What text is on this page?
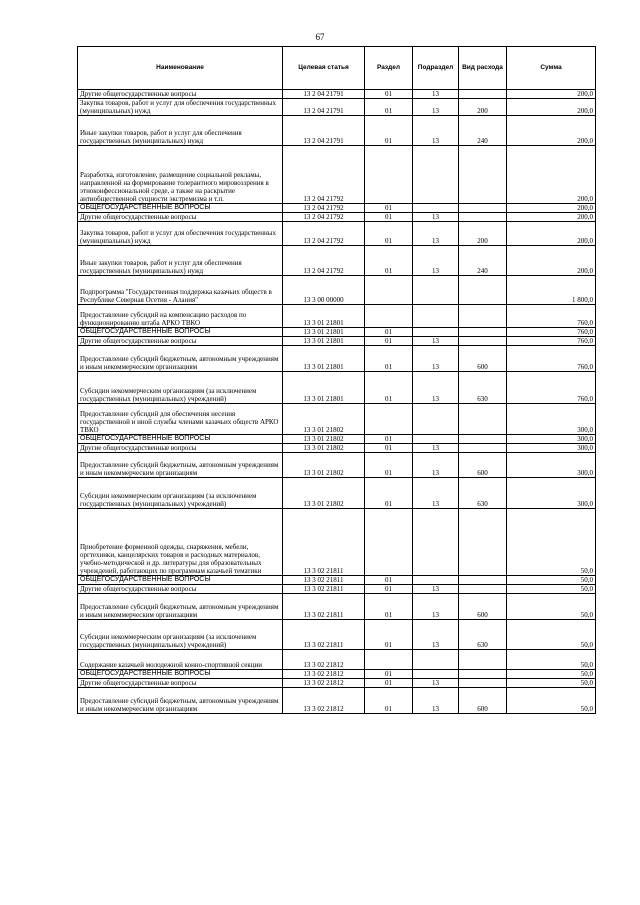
67
Наименование	Целевая статья	Раздел	Подраздел	Вид расхода	Сумма
Другие общегосударственные вопросы	13 2 04 21791	01	13		200,0
Закупка товаров, работ и услуг для обеспечения государственных (муниципальных) нужд	13 2 04 21791	01	13	200	200,0
Иные закупки товаров, работ и услуг для обеспечения государственных (муниципальных) нужд	13 2 04 21791	01	13	240	200,0
Разработка, изготовление, размещение социальной рекламы, направленной на формирование толерантного мировоззрения в этноконфессиональной среде, а также на раскрытие антиобщественной сущности экстремизма и т.п.	13 2 04 21792				200,0
ОБЩЕГОСУДАРСТВЕННЫЕ ВОПРОСЫ	13 2 04 21792	01			200,0
Другие общегосударственные вопросы	13 2 04 21792	01	13		200,0
Закупка товаров, работ и услуг для обеспечения государственных (муниципальных) нужд	13 2 04 21792	01	13	200	200,0
Иные закупки товаров, работ и услуг для обеспечения государственных (муниципальных) нужд	13 2 04 21792	01	13	240	200,0
Подпрограмма "Государственная поддержка казачьих обществ в Республике Северная Осетия - Алания"	13 3 00 00000				1 800,0
Предоставление субсидий на компенсацию расходов по функционированию штаба АРКО ТВКО	13 3 01 21801				760,0
ОБЩЕГОСУДАРСТВЕННЫЕ ВОПРОСЫ	13 3 01 21801	01			760,0
Другие общегосударственные вопросы	13 3 01 21801	01	13		760,0
Предоставление субсидий бюджетным, автономным учреждениям и иным некоммерческим организациям	13 3 01 21801	01	13	600	760,0
Субсидии некоммерческим организациям (за исключением государственных (муниципальных) учреждений)	13 3 01 21801	01	13	630	760,0
Предоставление субсидий для обеспечения несения государственной и иной службы членами казачьих обществ АРКО ТВКО	13 3 01 21802				300,0
ОБЩЕГОСУДАРСТВЕННЫЕ ВОПРОСЫ	13 3 01 21802	01			300,0
Другие общегосударственные вопросы	13 3 01 21802	01	13		300,0
Предоставление субсидий бюджетным, автономным учреждениям и иным некоммерческим организациям	13 3 01 21802	01	13	600	300,0
Субсидии некоммерческим организациям (за исключением государственных (муниципальных) учреждений)	13 3 01 21802	01	13	630	300,0
Приобретение форменной одежды, снаряжения, мебели, оргтехники, канцелярских товаров и расходных материалов, учебно-методической и др. литературы для образовательных учреждений, работающих по программам казачьей тематики	13 3 02 21811				50,0
ОБЩЕГОСУДАРСТВЕННЫЕ ВОПРОСЫ	13 3 02 21811	01			50,0
Другие общегосударственные вопросы	13 3 02 21811	01	13		50,0
Предоставление субсидий бюджетным, автономным учреждениям и иным некоммерческим организациям	13 3 02 21811	01	13	600	50,0
Субсидии некоммерческим организациям (за исключением государственных (муниципальных) учреждений)	13 3 02 21811	01	13	630	50,0
Содержание казачьей молодежной конно-спортивной секции	13 3 02 21812				50,0
ОБЩЕГОСУДАРСТВЕННЫЕ ВОПРОСЫ	13 3 02 21812	01			50,0
Другие общегосударственные вопросы	13 3 02 21812	01	13		50,0
Предоставление субсидий бюджетным, автономным учреждениям и иным некоммерческим организациям	13 3 02 21812	01	13	600	50,0
